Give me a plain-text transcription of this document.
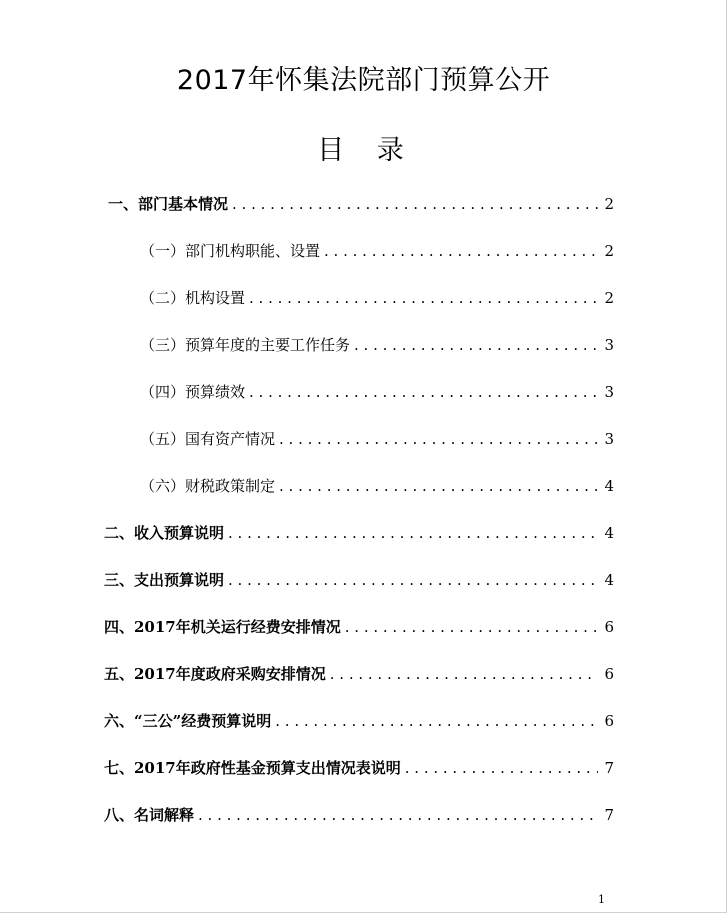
2017年怀集法院部门预算公开
目 录
一、部门基本情况 . . .	2
（一）部门机构职能、设置 . . .	2
（二）机构设置 . . .	2
（三）预算年度的主要工作任务 . . .	3
（四）预算绩效 . . .	3
（五）国有资产情况 . . .	3
（六）财税政策制定 . . .	4
二、收入预算说明 . . .	4
三、支出预算说明 . . .	4
四、2017年机关运行经费安排情况 . . .	6
五、2017年度政府采购安排情况 . . .	6
六、“三公”经费预算说明 . . .	6
七、2017年政府性基金预算支出情况表说明 . . .	7
八、名词解释 . . .	7
1
